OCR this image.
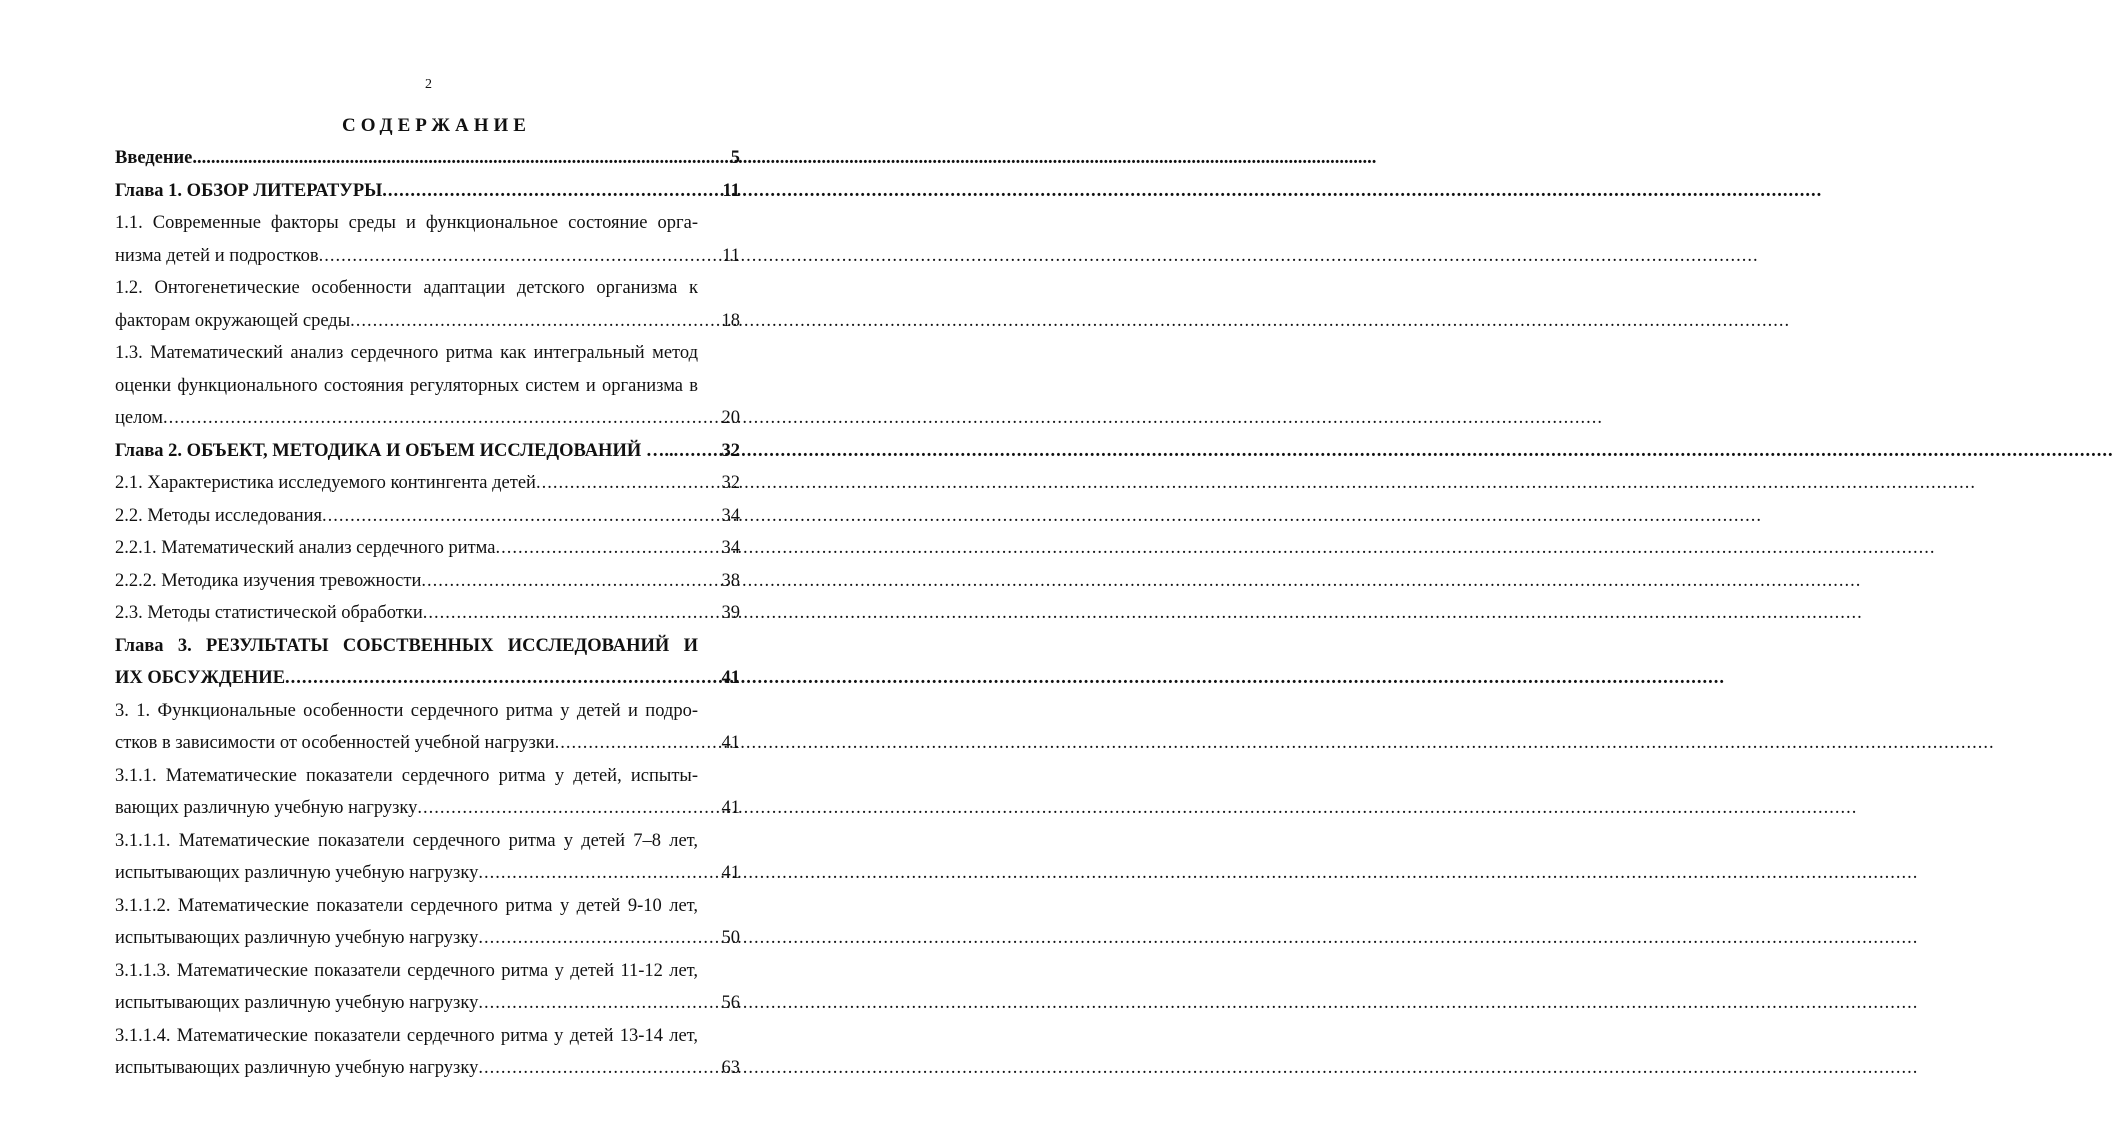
2
СОДЕРЖАНИЕ
Введение .....	5
Глава 1. ОБЗОР ЛИТЕРАТУРЫ .....	11
1.1. Современные факторы среды и функциональное состояние орга-
низма детей и подростков .....	11
1.2. Онтогенетические особенности адаптации детского организма к
факторам окружающей среды .....	18
1.3. Математический анализ сердечного ритма как интегральный метод
оценки функционального состояния регуляторных систем и организма в
целом .....	20
Глава 2. ОБЪЕКТ, МЕТОДИКА И ОБЪЕМ ИССЛЕДОВАНИЙ ….. .....	32
2.1. Характеристика исследуемого контингента детей .....	32
2.2. Методы исследования .....	34
2.2.1. Математический анализ сердечного ритма .....	34
2.2.2. Методика изучения тревожности .....	38
2.3. Методы статистической обработки .....	39
Глава 3. РЕЗУЛЬТАТЫ СОБСТВЕННЫХ ИССЛЕДОВАНИЙ И
ИХ ОБСУЖДЕНИЕ .....	41
3. 1. Функциональные особенности сердечного ритма у детей и подро-
стков в зависимости от особенностей учебной нагрузки .....	41
3.1.1. Математические показатели сердечного ритма у детей, испыты-
вающих различную учебную нагрузку .....	41
3.1.1.1. Математические показатели сердечного ритма у детей 7–8 лет,
испытывающих различную учебную нагрузку .....	41
3.1.1.2. Математические показатели сердечного ритма у детей 9-10 лет,
испытывающих различную учебную нагрузку .....	50
3.1.1.3. Математические показатели сердечного ритма у детей 11-12 лет,
испытывающих различную учебную нагрузку .....	56
3.1.1.4. Математические показатели сердечного ритма у детей 13-14 лет,
испытывающих различную учебную нагрузку .....	63
